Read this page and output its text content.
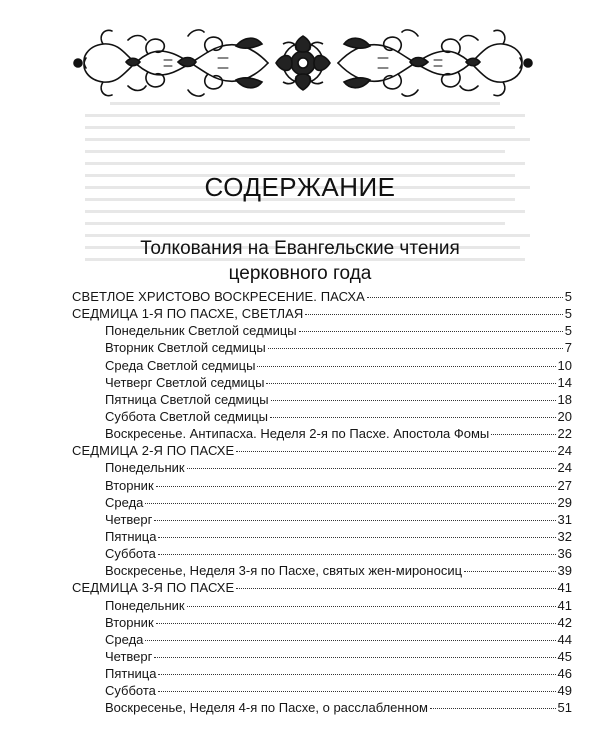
СОДЕРЖАНИЕ
Толкования на Евангельские чтения
церковного года
СВЕТЛОЕ ХРИСТОВО ВОСКРЕСЕНИЕ. ПАСХА	5
СЕДМИЦА 1-Я ПО ПАСХЕ, СВЕТЛАЯ	5
Понедельник Светлой седмицы	5
Вторник Светлой седмицы	7
Среда Светлой седмицы	10
Четверг Светлой седмицы	14
Пятница Светлой седмицы	18
Суббота Светлой седмицы	20
Воскресенье. Антипасха. Неделя 2-я по Пасхе. Апостола Фомы	22
СЕДМИЦА 2-Я ПО ПАСХЕ	24
Понедельник	24
Вторник	27
Среда	29
Четверг	31
Пятница	32
Суббота	36
Воскресенье, Неделя 3-я по Пасхе, святых жен-мироносиц	39
СЕДМИЦА 3-Я ПО ПАСХЕ	41
Понедельник	41
Вторник	42
Среда	44
Четверг	45
Пятница	46
Суббота	49
Воскресенье, Неделя 4-я по Пасхе, о расслабленном	51
